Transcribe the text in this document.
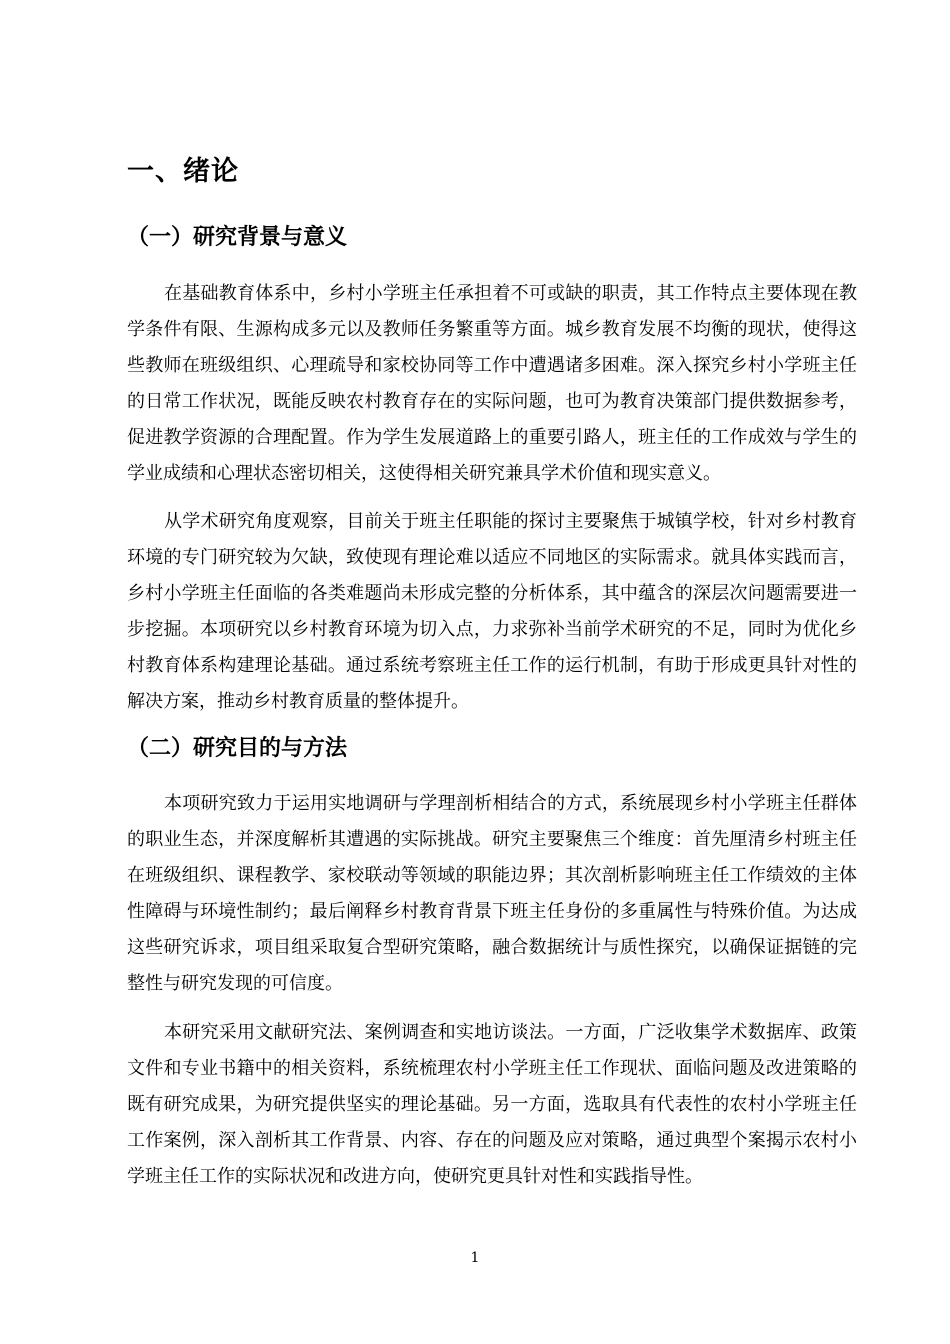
一、绪论
（一）研究背景与意义

在基础教育体系中，乡村小学班主任承担着不可或缺的职责，其工作特点主要体现在教学条件有限、生源构成多元以及教师任务繁重等方面。城乡教育发展不均衡的现状，使得这些教师在班级组织、心理疏导和家校协同等工作中遭遇诸多困难。深入探究乡村小学班主任的日常工作状况，既能反映农村教育存在的实际问题，也可为教育决策部门提供数据参考，促进教学资源的合理配置。作为学生发展道路上的重要引路人，班主任的工作成效与学生的学业成绩和心理状态密切相关，这使得相关研究兼具学术价值和现实意义。

从学术研究角度观察，目前关于班主任职能的探讨主要聚焦于城镇学校，针对乡村教育环境的专门研究较为欠缺，致使现有理论难以适应不同地区的实际需求。就具体实践而言，乡村小学班主任面临的各类难题尚未形成完整的分析体系，其中蕴含的深层次问题需要进一步挖掘。本项研究以乡村教育环境为切入点，力求弥补当前学术研究的不足，同时为优化乡村教育体系构建理论基础。通过系统考察班主任工作的运行机制，有助于形成更具针对性的解决方案，推动乡村教育质量的整体提升。

（二）研究目的与方法

本项研究致力于运用实地调研与学理剖析相结合的方式，系统展现乡村小学班主任群体的职业生态，并深度解析其遭遇的实际挑战。研究主要聚焦三个维度：首先厘清乡村班主任在班级组织、课程教学、家校联动等领域的职能边界；其次剖析影响班主任工作绩效的主体性障碍与环境性制约；最后阐释乡村教育背景下班主任身份的多重属性与特殊价值。为达成这些研究诉求，项目组采取复合型研究策略，融合数据统计与质性探究，以确保证据链的完整性与研究发现的可信度。

本研究采用文献研究法、案例调查和实地访谈法。一方面，广泛收集学术数据库、政策文件和专业书籍中的相关资料，系统梳理农村小学班主任工作现状、面临问题及改进策略的既有研究成果，为研究提供坚实的理论基础。另一方面，选取具有代表性的农村小学班主任工作案例，深入剖析其工作背景、内容、存在的问题及应对策略，通过典型个案揭示农村小学班主任工作的实际状况和改进方向，使研究更具针对性和实践指导性。

1
